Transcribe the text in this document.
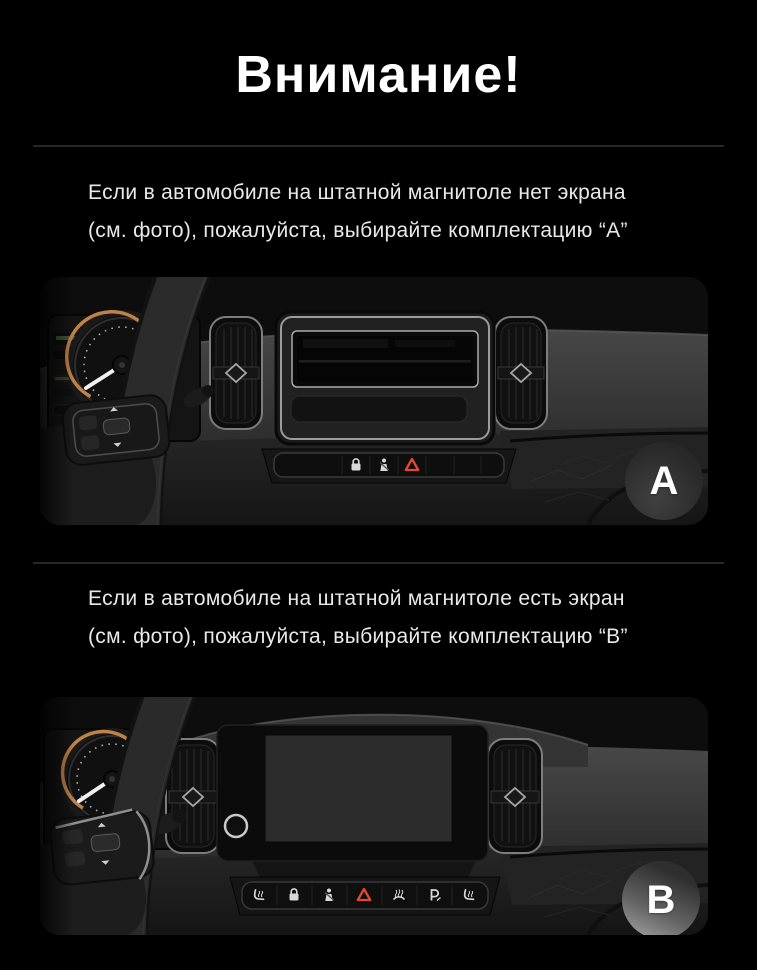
Внимание!

Если в автомобиле на штатной магнитоле нет экрана
(см. фото), пожалуйста, выбирайте комплектацию “А”

A

Если в автомобиле на штатной магнитоле есть экран
(см. фото), пожалуйста, выбирайте комплектацию “В”

B
